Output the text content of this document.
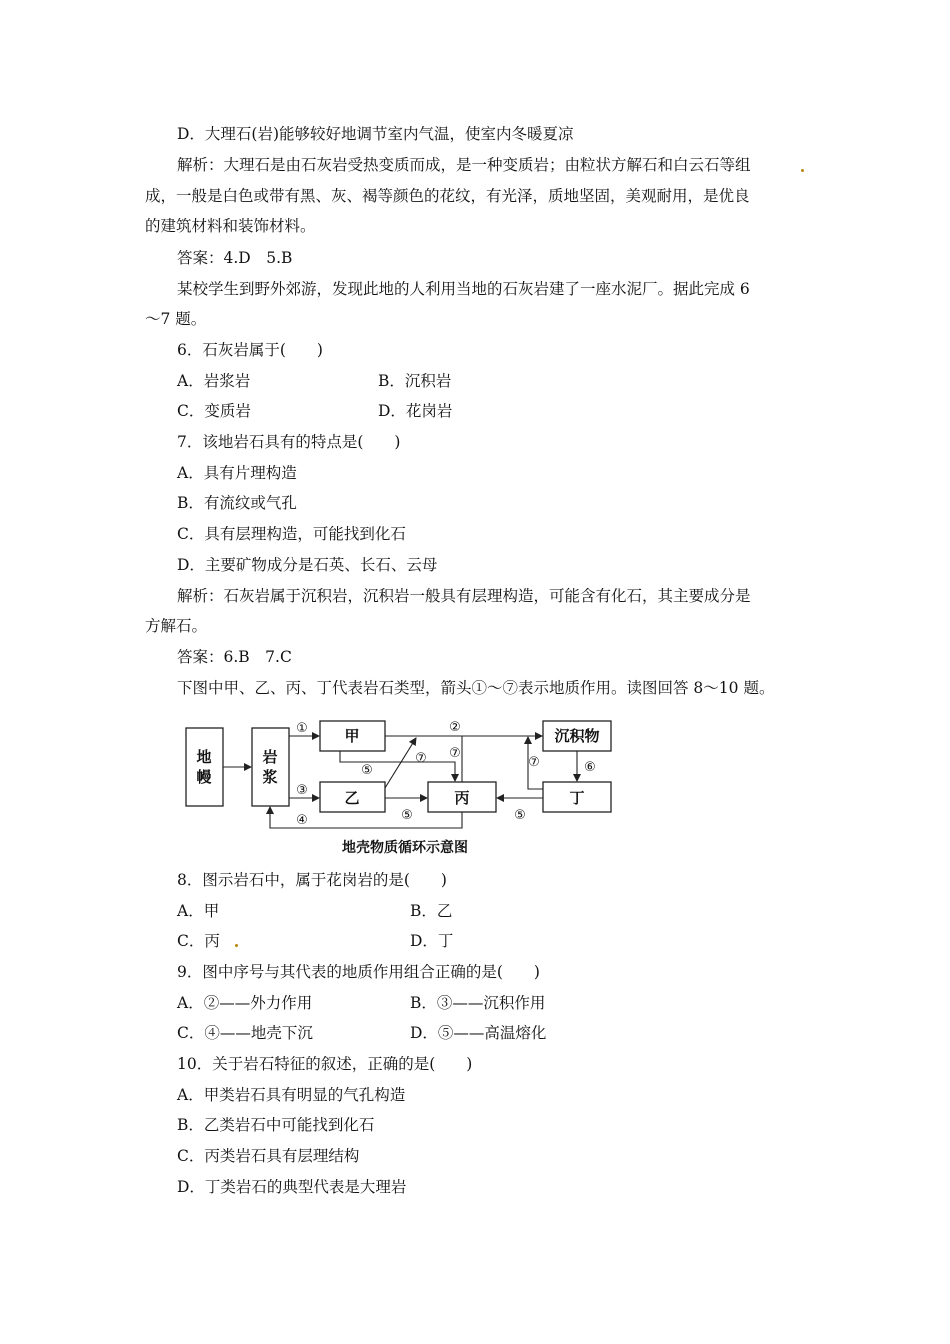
D．大理石(岩)能够较好地调节室内气温，使室内冬暖夏凉
解析：大理石是由石灰岩受热变质而成，是一种变质岩；由粒状方解石和白云石等组
成，一般是白色或带有黑、灰、褐等颜色的花纹，有光泽，质地坚固，美观耐用，是优良
的建筑材料和装饰材料。
答案：4.D　5.B
某校学生到野外郊游，发现此地的人利用当地的石灰岩建了一座水泥厂。据此完成 6
～7 题。
6．石灰岩属于(　　)
A．岩浆岩	B．沉积岩
C．变质岩	D．花岗岩
7．该地岩石具有的特点是(　　)
A．具有片理构造
B．有流纹或气孔
C．具有层理构造，可能找到化石
D．主要矿物成分是石英、长石、云母
解析：石灰岩属于沉积岩，沉积岩一般具有层理构造，可能含有化石，其主要成分是
方解石。
答案：6.B　7.C
下图中甲、乙、丙、丁代表岩石类型，箭头①～⑦表示地质作用。读图回答 8～10 题。
地
幔
岩
浆
甲
乙	丙
沉积物
丁
①
③
④
②
⑦ ⑦
⑤
⑤	⑤
⑥
⑦
地壳物质循环示意图
8．图示岩石中，属于花岗岩的是(　　)
A．甲	B．乙
C．丙	D．丁
9．图中序号与其代表的地质作用组合正确的是(　　)
A．②——外力作用	B．③——沉积作用
C．④——地壳下沉	D．⑤——高温熔化
10．关于岩石特征的叙述，正确的是(　　)
A．甲类岩石具有明显的气孔构造
B．乙类岩石中可能找到化石
C．丙类岩石具有层理结构
D．丁类岩石的典型代表是大理岩
